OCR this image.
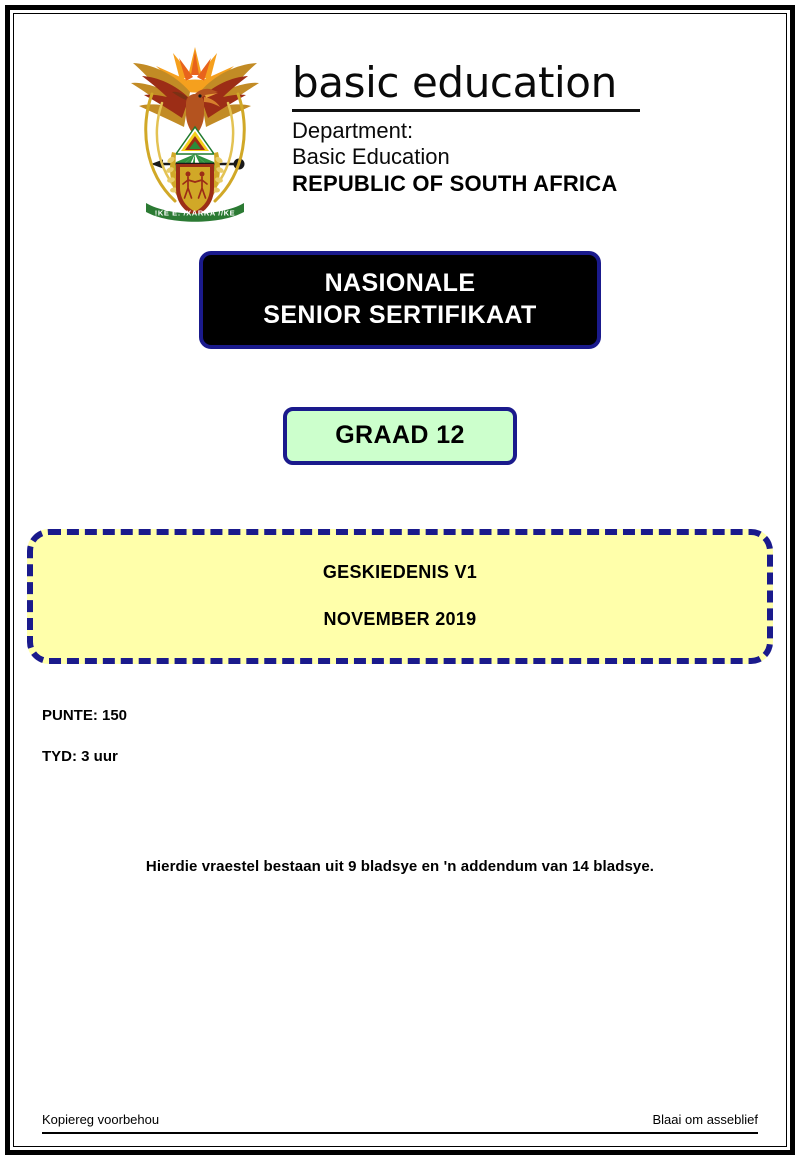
!KE E: /XARRA //KE
basic education
Department:
Basic Education
REPUBLIC OF SOUTH AFRICA
NASIONALE
SENIOR SERTIFIKAAT
GRAAD 12
GESKIEDENIS V1
NOVEMBER 2019
PUNTE: 150
TYD: 3 uur
Hierdie vraestel bestaan uit 9 bladsye en 'n addendum van 14 bladsye.
Kopiereg voorbehou	Blaai om asseblief
